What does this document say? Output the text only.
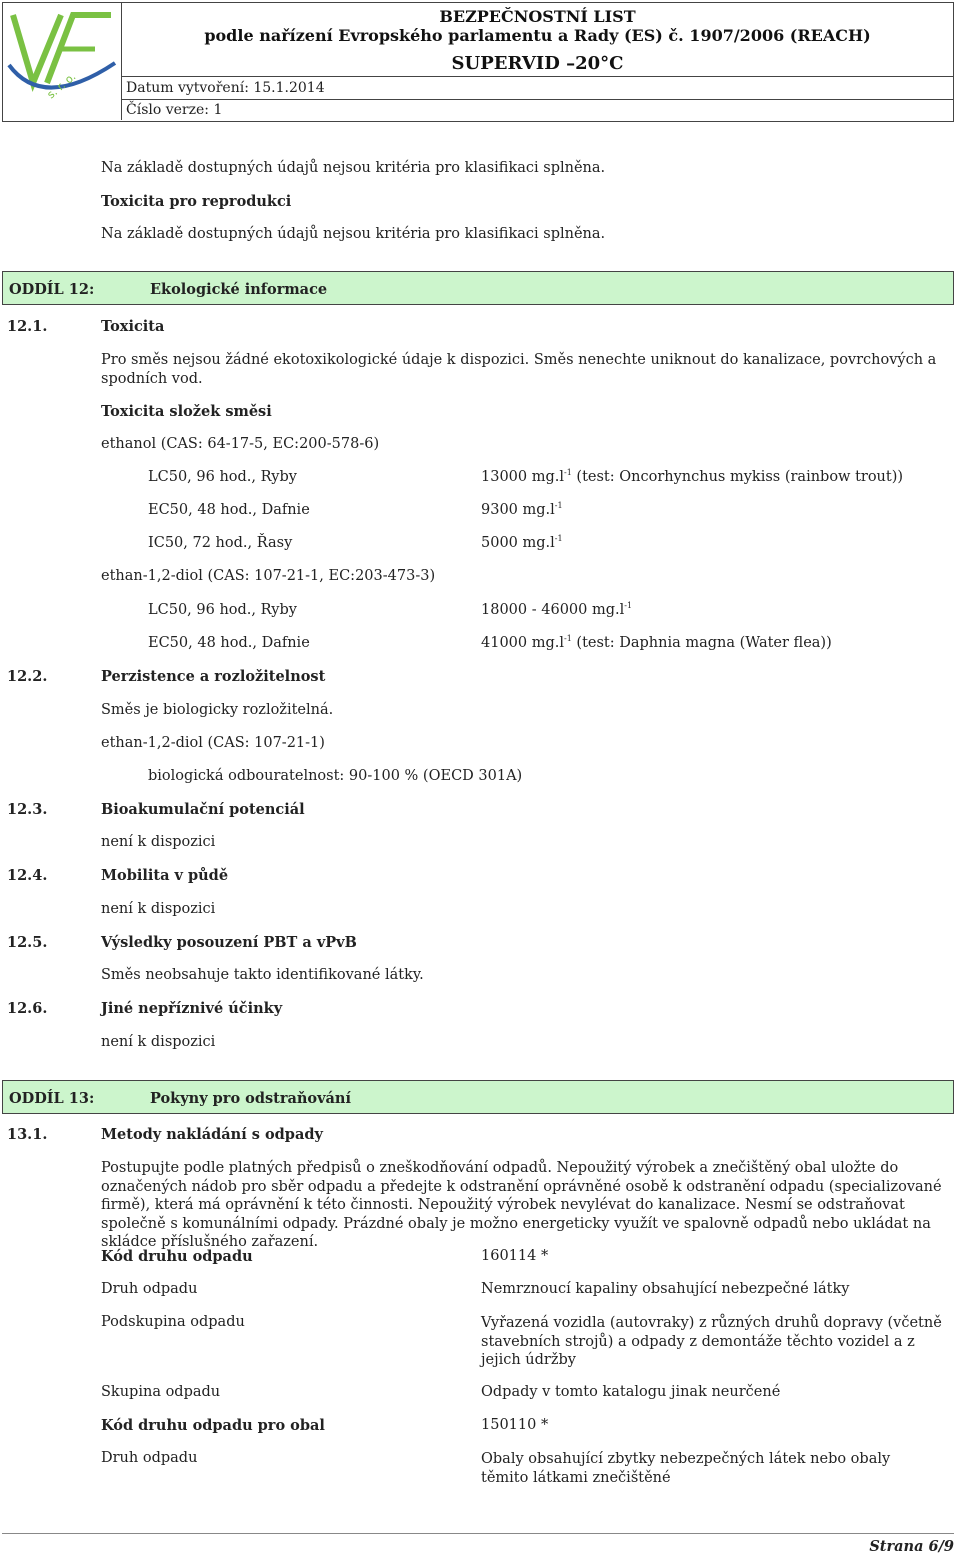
s. r. o.
BEZPEČNOSTNÍ LIST
podle nařízení Evropského parlamentu a Rady (ES) č. 1907/2006 (REACH)
SUPERVID –20°C
Datum vytvoření: 15.1.2014
Číslo verze: 1
Na základě dostupných údajů nejsou kritéria pro klasifikaci splněna.
Toxicita pro reprodukci
Na základě dostupných údajů nejsou kritéria pro klasifikaci splněna.
ODDÍL 12:	Ekologické informace
12.1.	Toxicita
Pro směs nejsou žádné ekotoxikologické údaje k dispozici. Směs nenechte uniknout do kanalizace, povrchových a spodních vod.
Toxicita složek směsi
ethanol (CAS: 64-17-5, EC:200-578-6)
LC50, 96 hod., Ryby	13000 $mg.l^{-1}$ (test: Oncorhynchus mykiss (rainbow trout))
EC50, 48 hod., Dafnie	9300 $mg.l^{-1}$
IC50, 72 hod., Řasy	5000 $mg.l^{-1}$
ethan-1,2-diol (CAS: 107-21-1, EC:203-473-3)
LC50, 96 hod., Ryby	18000 - 46000 $mg.l^{-1}$
EC50, 48 hod., Dafnie	41000 $mg.l^{-1}$ (test: Daphnia magna (Water flea))
12.2.	Perzistence a rozložitelnost
Směs je biologicky rozložitelná.
ethan-1,2-diol (CAS: 107-21-1)
biologická odbouratelnost: 90-100 % (OECD 301A)
12.3.	Bioakumulační potenciál
není k dispozici
12.4.	Mobilita v půdě
není k dispozici
12.5.	Výsledky posouzení PBT a vPvB
Směs neobsahuje takto identifikované látky.
12.6.	Jiné nepříznivé účinky
není k dispozici
ODDÍL 13:	Pokyny pro odstraňování
13.1.	Metody nakládání s odpady
Postupujte podle platných předpisů o zneškodňování odpadů. Nepoužitý výrobek a znečištěný obal uložte do označených nádob pro sběr odpadu a předejte k odstranění oprávněné osobě k odstranění odpadu (specializované firmě), která má oprávnění k této činnosti. Nepoužitý výrobek nevylévat do kanalizace. Nesmí se odstraňovat společně s komunálními odpady. Prázdné obaly je možno energeticky využít ve spalovně odpadů nebo ukládat na skládce příslušného zařazení.
Kód druhu odpadu	160114 *
Druh odpadu	Nemrznoucí kapaliny obsahující nebezpečné látky
Podskupina odpadu	Vyřazená vozidla (autovraky) z různých druhů dopravy (včetně stavebních strojů) a odpady z demontáže těchto vozidel a z jejich údržby
Skupina odpadu	Odpady v tomto katalogu jinak neurčené
Kód druhu odpadu pro obal	150110 *
Druh odpadu	Obaly obsahující zbytky nebezpečných látek nebo obaly těmito látkami znečištěné
Strana 6/9
